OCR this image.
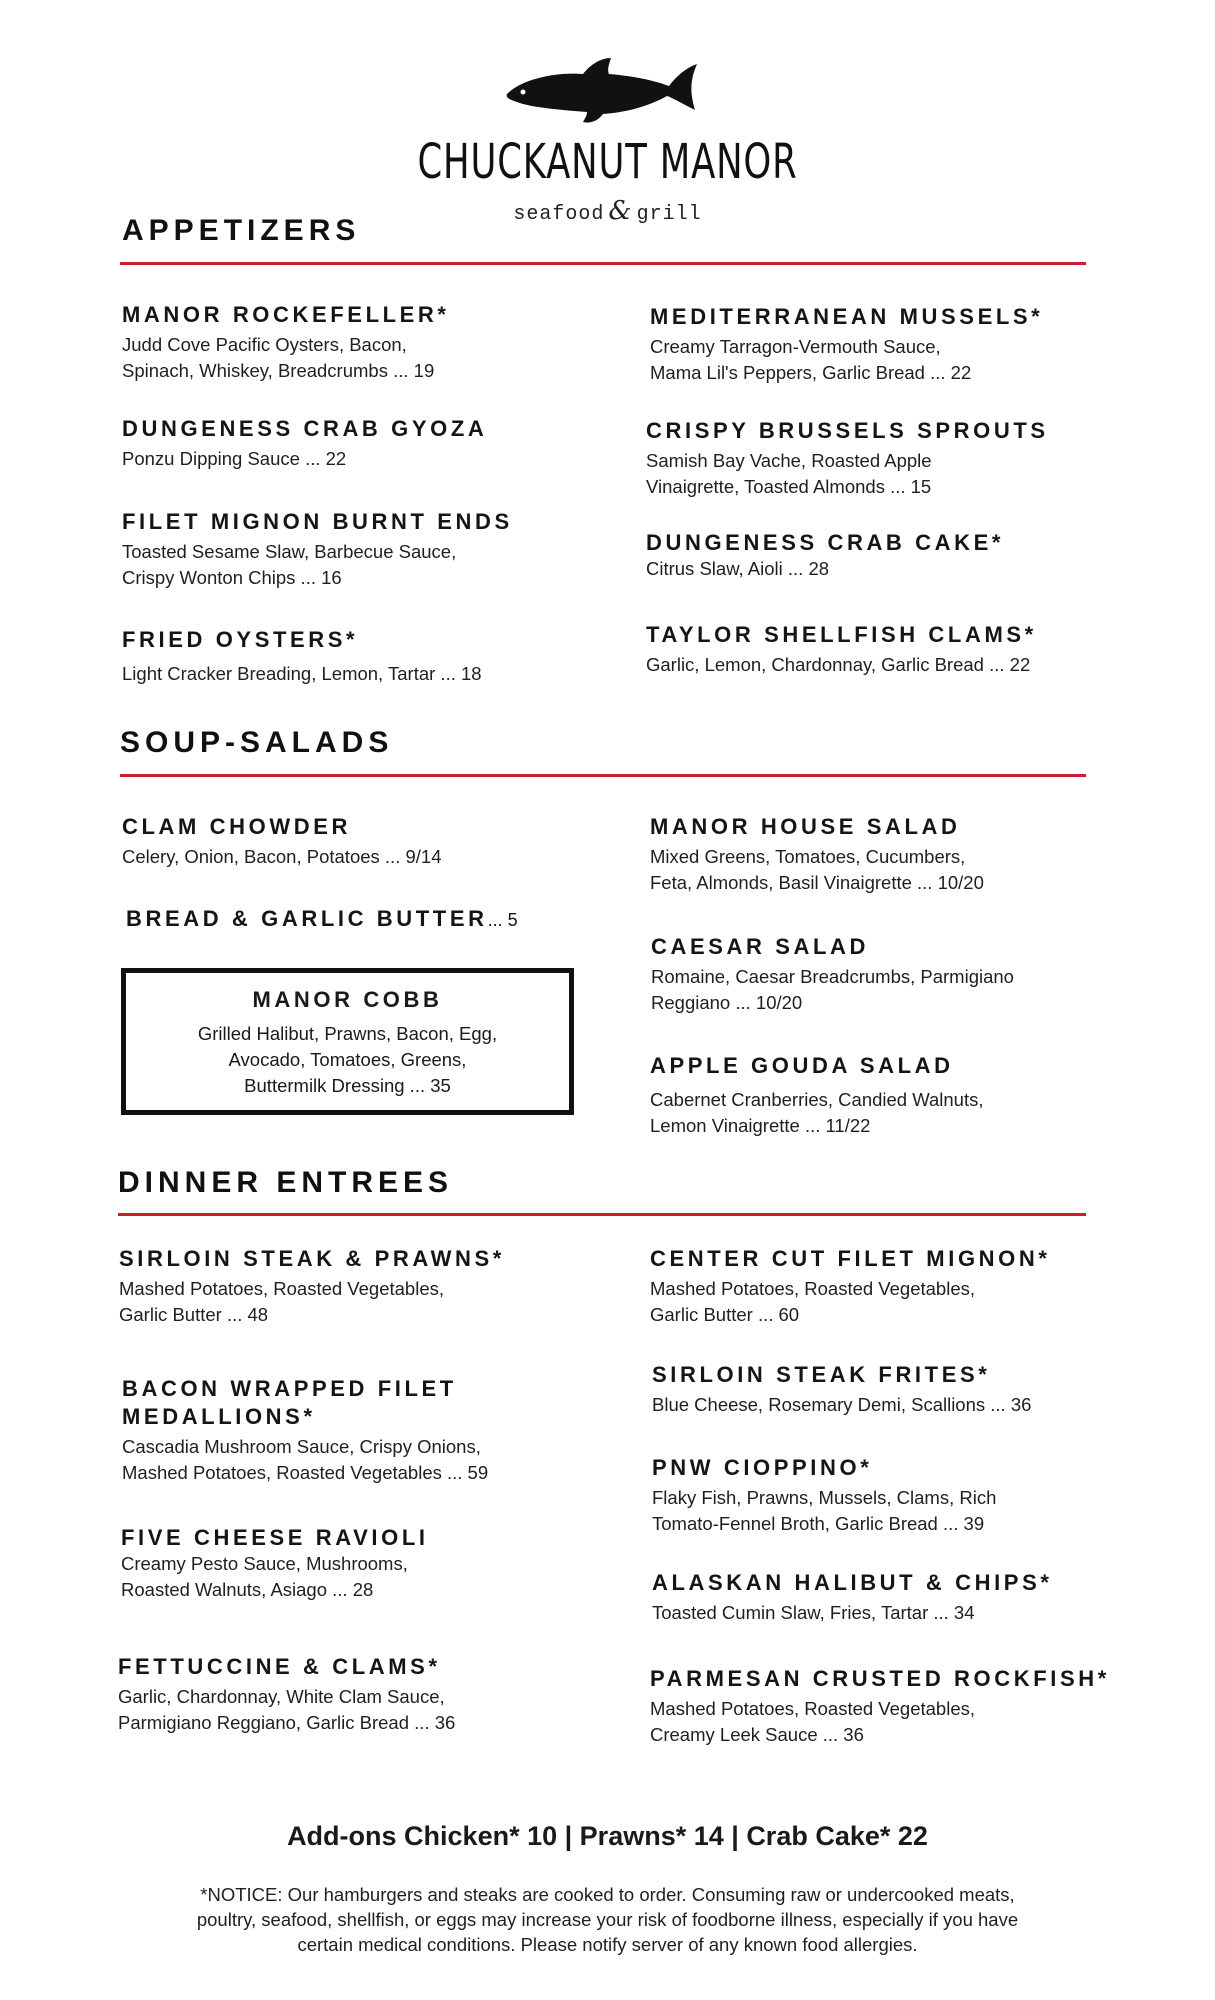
CHUCKANUT MANOR
seafood & grill
APPETIZERS
MANOR ROCKEFELLER*
Judd Cove Pacific Oysters, Bacon,
Spinach, Whiskey, Breadcrumbs ... 19
DUNGENESS CRAB GYOZA
Ponzu Dipping Sauce ... 22
FILET MIGNON BURNT ENDS
Toasted Sesame Slaw, Barbecue Sauce,
Crispy Wonton Chips ... 16
FRIED OYSTERS*
Light Cracker Breading, Lemon, Tartar ... 18
MEDITERRANEAN MUSSELS*
Creamy Tarragon-Vermouth Sauce,
Mama Lil's Peppers, Garlic Bread ... 22
CRISPY BRUSSELS SPROUTS
Samish Bay Vache, Roasted Apple
Vinaigrette, Toasted Almonds ... 15
DUNGENESS CRAB CAKE*
Citrus Slaw, Aioli ... 28
TAYLOR SHELLFISH CLAMS*
Garlic, Lemon, Chardonnay, Garlic Bread ... 22
SOUP-SALADS
CLAM CHOWDER
Celery, Onion, Bacon, Potatoes ... 9/14
BREAD & GARLIC BUTTER... 5
MANOR COBB
Grilled Halibut, Prawns, Bacon, Egg,
Avocado, Tomatoes, Greens,
Buttermilk Dressing ... 35
MANOR HOUSE SALAD
Mixed Greens, Tomatoes, Cucumbers,
Feta, Almonds, Basil Vinaigrette ... 10/20
CAESAR SALAD
Romaine, Caesar Breadcrumbs, Parmigiano
Reggiano ... 10/20
APPLE GOUDA SALAD
Cabernet Cranberries, Candied Walnuts,
Lemon Vinaigrette ... 11/22
DINNER ENTREES
SIRLOIN STEAK & PRAWNS*
Mashed Potatoes, Roasted Vegetables,
Garlic Butter ... 48
BACON WRAPPED FILET
MEDALLIONS*
Cascadia Mushroom Sauce, Crispy Onions,
Mashed Potatoes, Roasted Vegetables ... 59
FIVE CHEESE RAVIOLI
Creamy Pesto Sauce, Mushrooms,
Roasted Walnuts, Asiago ... 28
FETTUCCINE & CLAMS*
Garlic, Chardonnay, White Clam Sauce,
Parmigiano Reggiano, Garlic Bread ... 36
CENTER CUT FILET MIGNON*
Mashed Potatoes, Roasted Vegetables,
Garlic Butter ... 60
SIRLOIN STEAK FRITES*
Blue Cheese, Rosemary Demi, Scallions ... 36
PNW CIOPPINO*
Flaky Fish, Prawns, Mussels, Clams, Rich
Tomato-Fennel Broth, Garlic Bread ... 39
ALASKAN HALIBUT & CHIPS*
Toasted Cumin Slaw, Fries, Tartar ... 34
PARMESAN CRUSTED ROCKFISH*
Mashed Potatoes, Roasted Vegetables,
Creamy Leek Sauce ... 36
Add-ons Chicken* 10 | Prawns* 14 | Crab Cake* 22
*NOTICE: Our hamburgers and steaks are cooked to order. Consuming raw or undercooked meats,
poultry, seafood, shellfish, or eggs may increase your risk of foodborne illness, especially if you have
certain medical conditions. Please notify server of any known food allergies.
